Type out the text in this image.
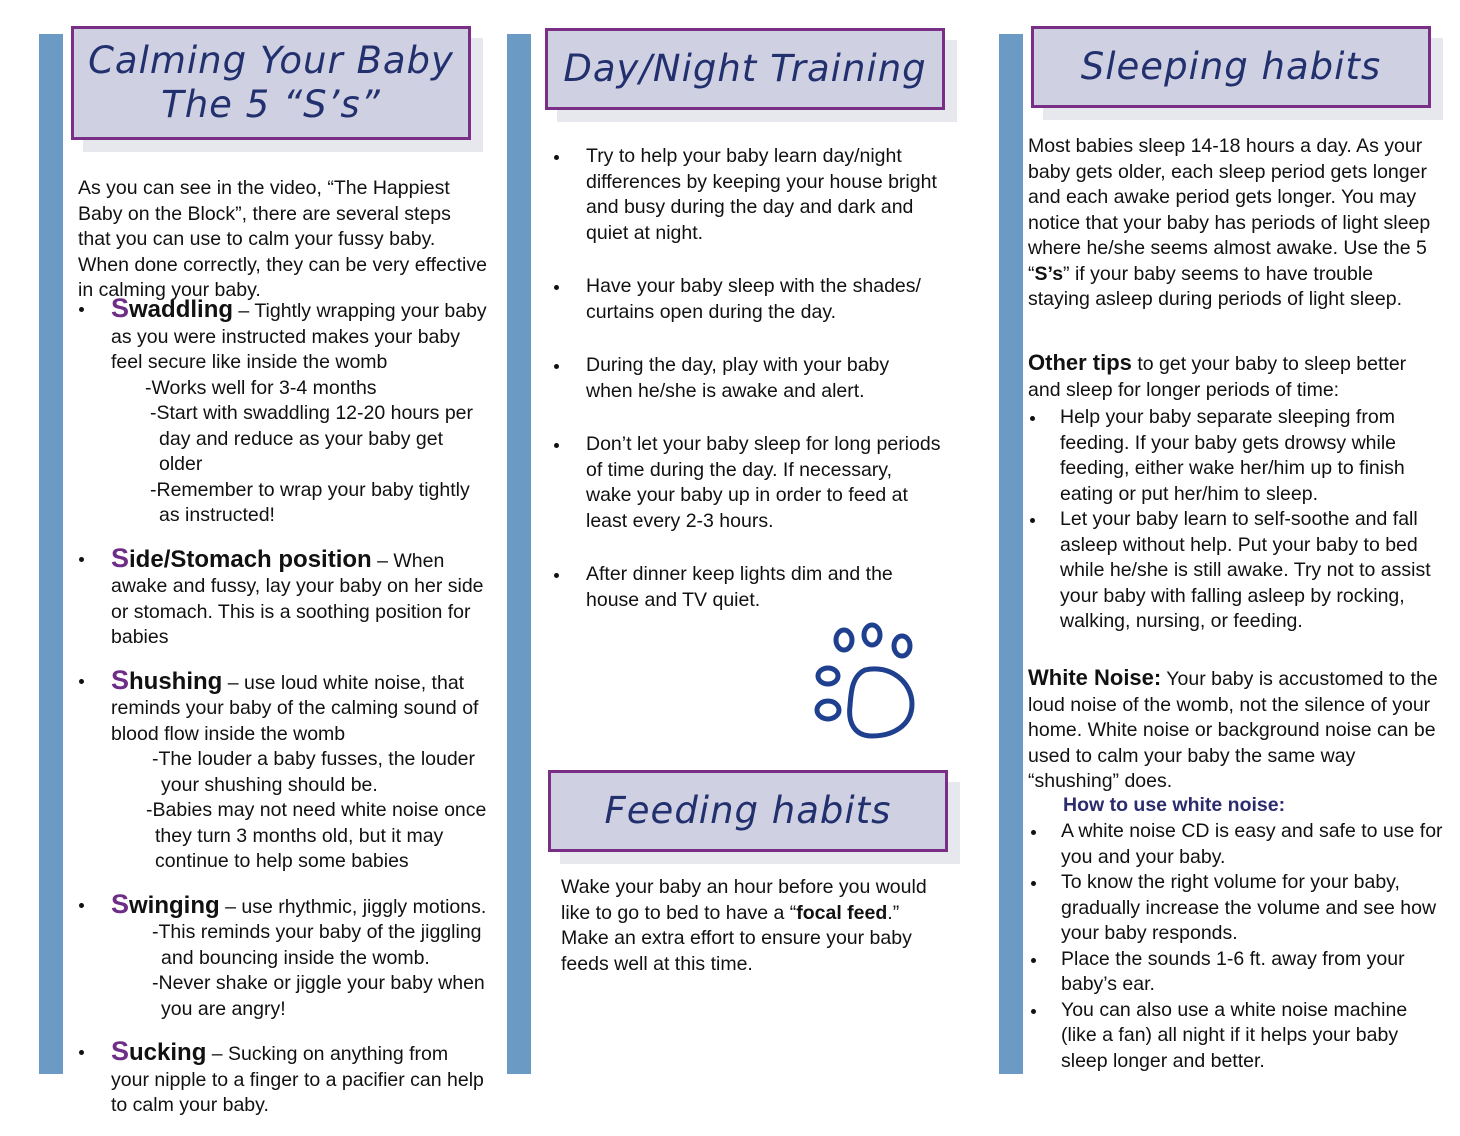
Calming Your Baby
The 5 “S’s”

As you can see in the video, “The Happiest Baby on the Block”, there are several steps that you can use to calm your fussy baby. When done correctly, they can be very effective in calming your baby.

Swaddling – Tightly wrapping your baby as you were instructed makes your baby feel secure like inside the womb
-Works well for 3-4 months
-Start with swaddling 12-20 hours per day and reduce as your baby get older
-Remember to wrap your baby tightly as instructed!
Side/Stomach position – When awake and fussy, lay your baby on her side or stomach. This is a soothing position for babies
Shushing – use loud white noise, that reminds your baby of the calming sound of blood flow inside the womb
-The louder a baby fusses, the louder your shushing should be.
-Babies may not need white noise once they turn 3 months old, but it may continue to help some babies
Swinging – use rhythmic, jiggly motions.
-This reminds your baby of the jiggling and bouncing inside the womb.
-Never shake or jiggle your baby when you are angry!
Sucking – Sucking on anything from your nipple to a finger to a pacifier can help to calm your baby.
Day/Night Training
Try to help your baby learn day/night differences by keeping your house bright and busy during the day and dark and quiet at night.
Have your baby sleep with the shades/ curtains open during the day.
During the day, play with your baby when he/she is awake and alert.
Don’t let your baby sleep for long periods of time during the day. If necessary, wake your baby up in order to feed at least every 2-3 hours.
After dinner keep lights dim and the house and TV quiet.
Feeding habits

Wake your baby an hour before you would like to go to bed to have a “focal feed.” Make an extra effort to ensure your baby feeds well at this time.

Sleeping habits

Most babies sleep 14-18 hours a day. As your baby gets older, each sleep period gets longer and each awake period gets longer. You may notice that your baby has periods of light sleep where he/she seems almost awake. Use the 5 “S’s” if your baby seems to have trouble staying asleep during periods of light sleep.

Other tips to get your baby to sleep better and sleep for longer periods of time:

Help your baby separate sleeping from feeding. If your baby gets drowsy while feeding, either wake her/him up to finish eating or put her/him to sleep.
Let your baby learn to self-soothe and fall asleep without help. Put your baby to bed while he/she is still awake. Try not to assist your baby with falling asleep by rocking, walking, nursing, or feeding.

White Noise: Your baby is accustomed to the loud noise of the womb, not the silence of your home. White noise or background noise can be used to calm your baby the same way “shushing” does.

How to use white noise:
A white noise CD is easy and safe to use for you and your baby.
To know the right volume for your baby, gradually increase the volume and see how your baby responds.
Place the sounds 1-6 ft. away from your baby’s ear.
You can also use a white noise machine (like a fan) all night if it helps your baby sleep longer and better.
